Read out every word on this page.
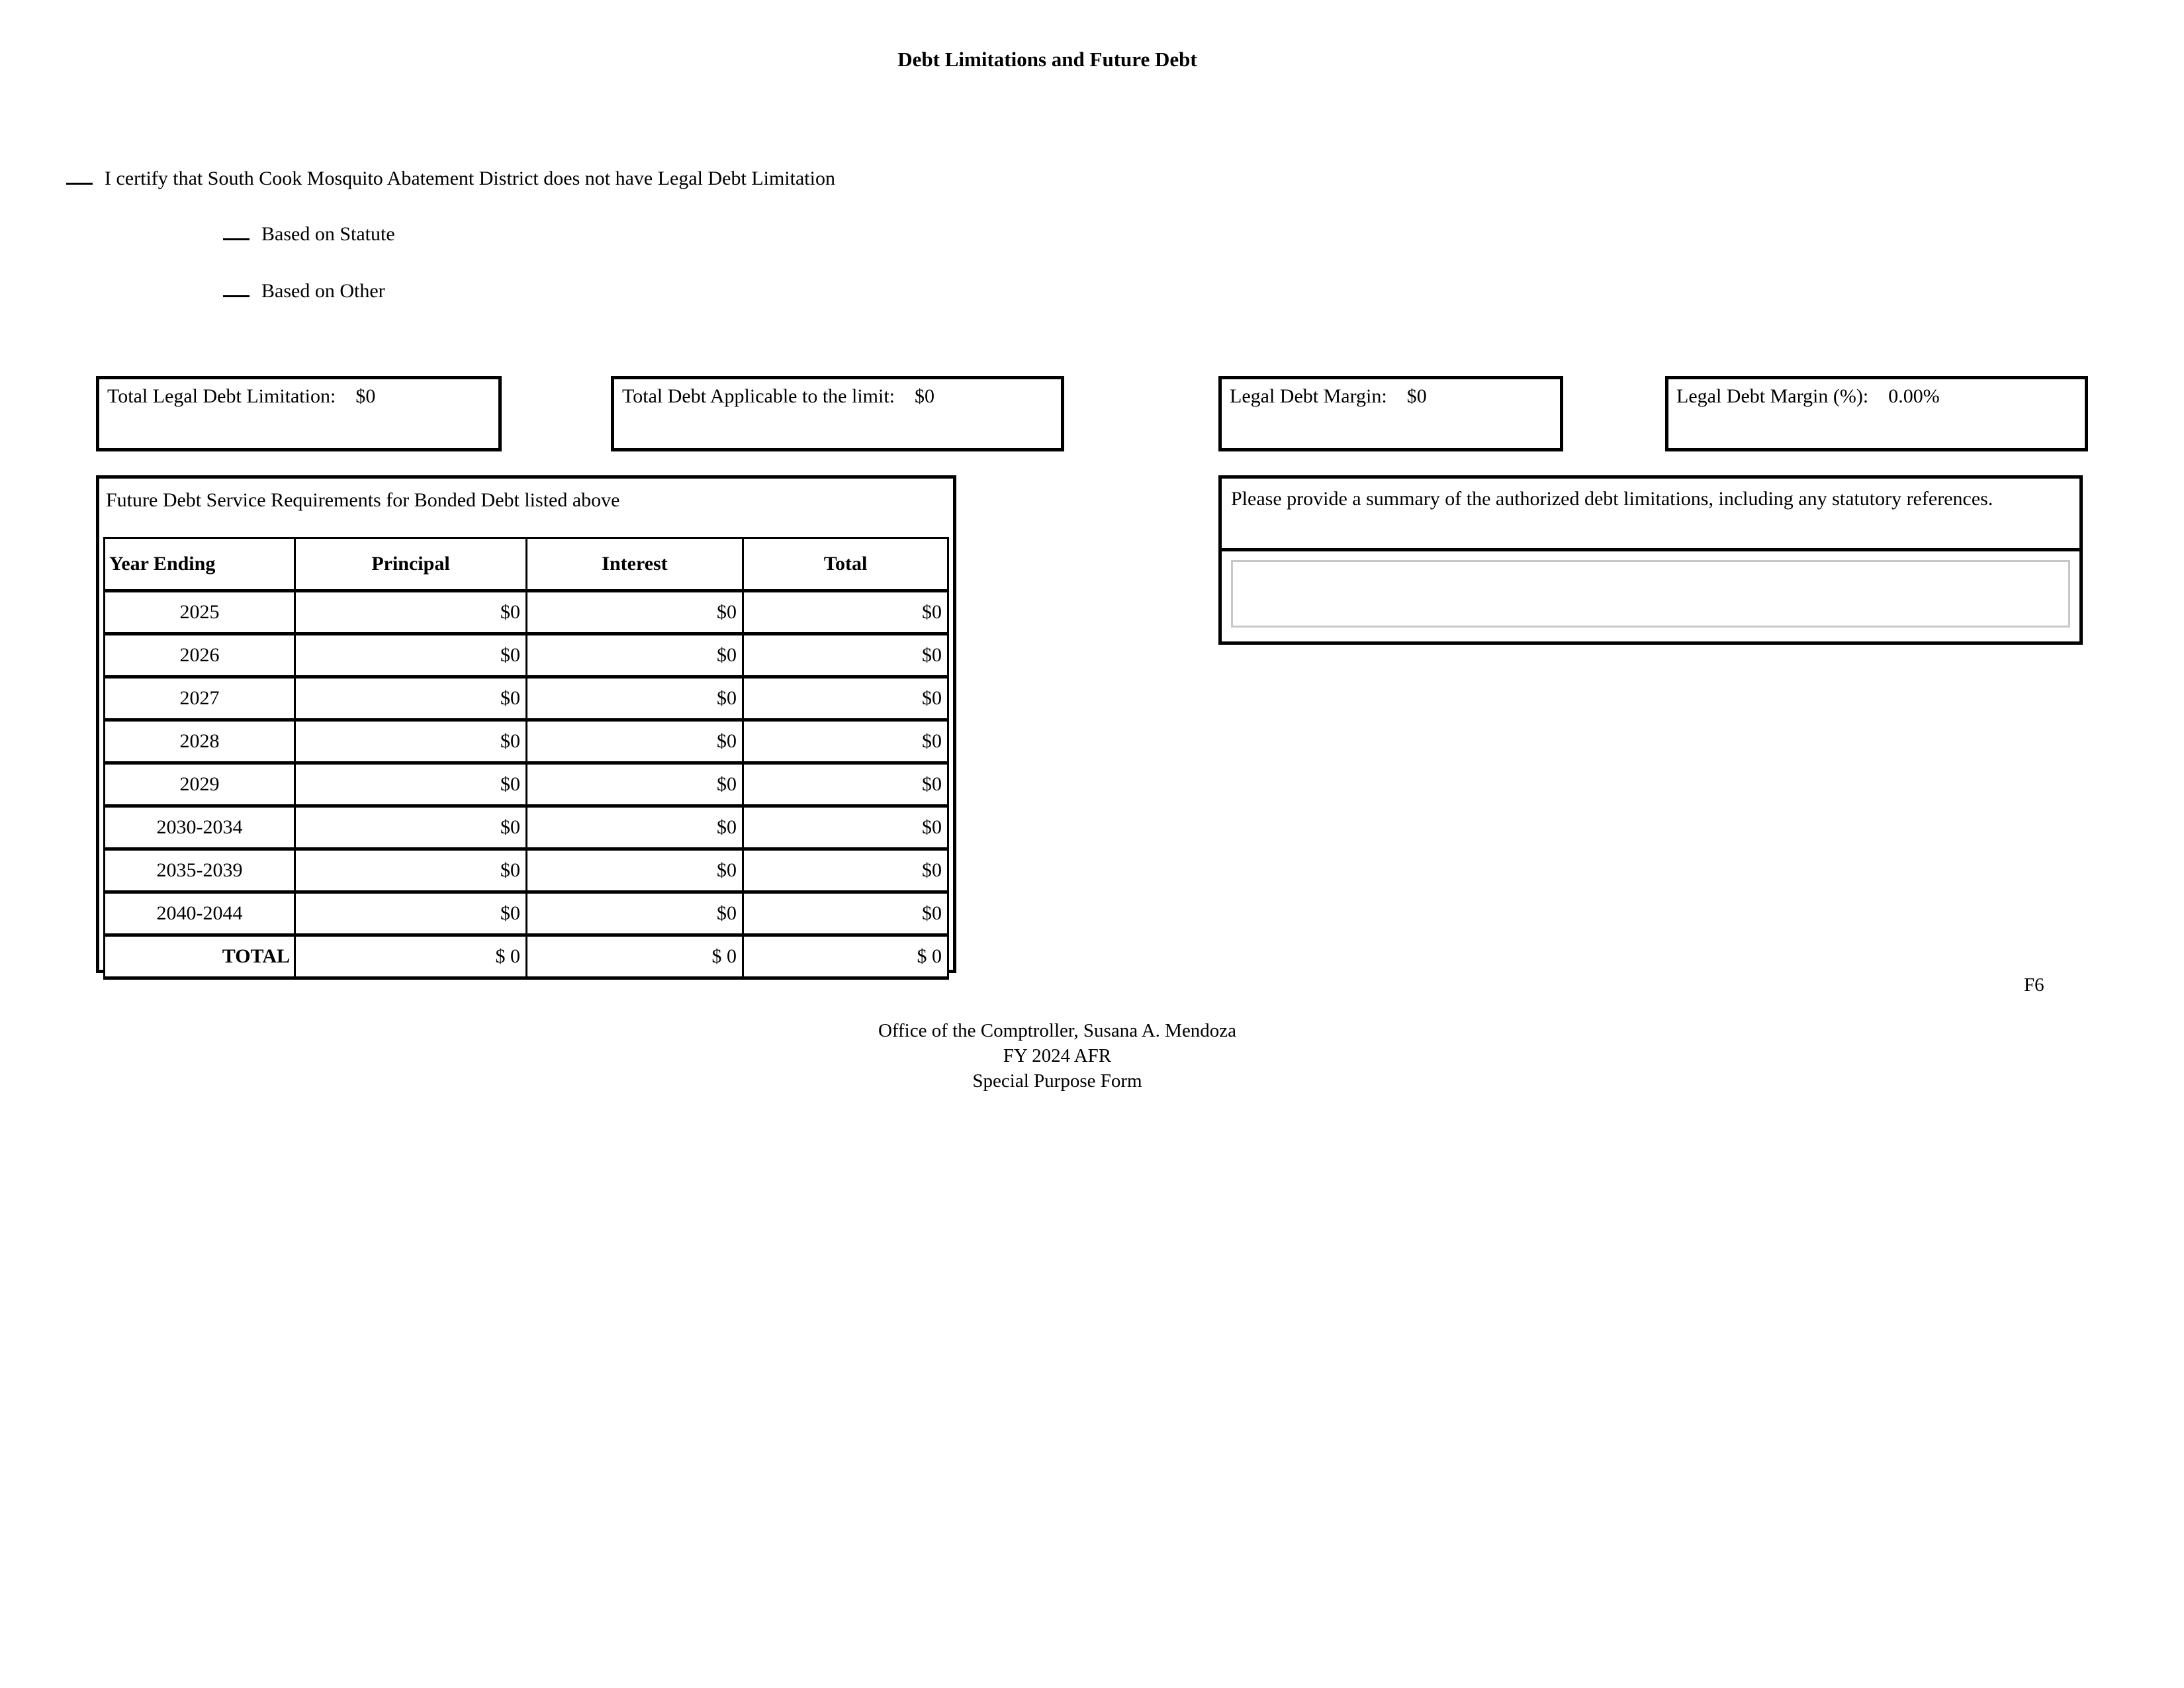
Debt Limitations and Future Debt
I certify that South Cook Mosquito Abatement District does not have Legal Debt Limitation
Based on Statute
Based on Other
Total Legal Debt Limitation: $0	Total Debt Applicable to the limit: $0	Legal Debt Margin: $0	Legal Debt Margin (%): 0.00%
Future Debt Service Requirements for Bonded Debt listed above
Year Ending	Principal	Interest	Total
2025	$0	$0	$0
2026	$0	$0	$0
2027	$0	$0	$0
2028	$0	$0	$0
2029	$0	$0	$0
2030-2034	$0	$0	$0
2035-2039	$0	$0	$0
2040-2044	$0	$0	$0
TOTAL	$ 0	$ 0	$ 0
Please provide a summary of the authorized debt limitations, including any statutory references.
F6
Office of the Comptroller, Susana A. Mendoza
FY 2024 AFR
Special Purpose Form
